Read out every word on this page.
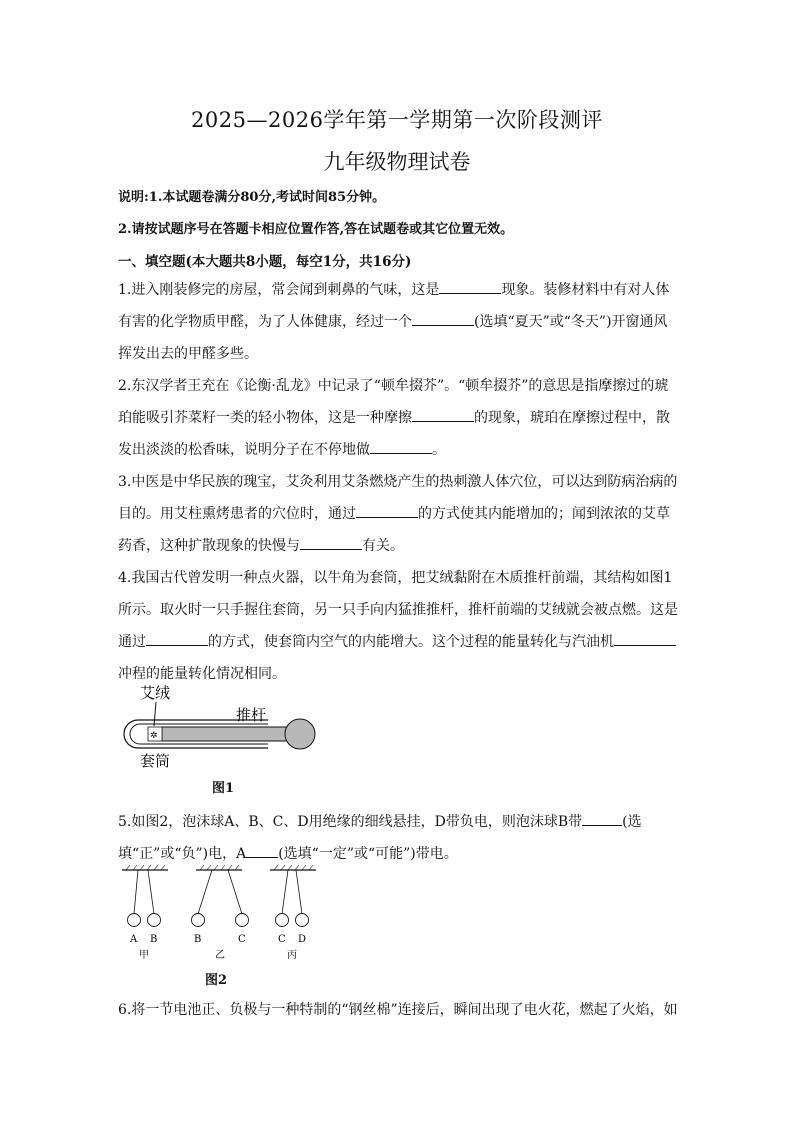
2025—2026学年第一学期第一次阶段测评
九年级物理试卷
说明:1.本试题卷满分80分,考试时间85分钟。
2.请按试题序号在答题卡相应位置作答,答在试题卷或其它位置无效。
一、填空题(本大题共8小题，每空1分，共16分)
1.进入刚装修完的房屋，常会闻到刺鼻的气味，这是	现象。装修材料中有对人体有害的化学物质甲醛，为了人体健康，经过一个	(选填“夏天”或“冬天”)开窗通风挥发出去的甲醛多些。
2.东汉学者王充在《论衡·乱龙》中记录了“顿牟掇芥”。“顿牟掇芥”的意思是指摩擦过的琥珀能吸引芥菜籽一类的轻小物体，这是一种摩擦	的现象，琥珀在摩擦过程中，散发出淡淡的松香味，说明分子在不停地做	。
3.中医是中华民族的瑰宝，艾灸利用艾条燃烧产生的热刺激人体穴位，可以达到防病治病的目的。用艾柱熏烤患者的穴位时，通过	的方式使其内能增加的；闻到浓浓的艾草药香，这种扩散现象的快慢与	有关。
4.我国古代曾发明一种点火器，以牛角为套筒，把艾绒黏附在木质推杆前端，其结构如图1所示。取火时一只手握住套筒，另一只手向内猛推推杆，推杆前端的艾绒就会被点燃。这是通过	的方式，使套筒内空气的内能增大。这个过程的能量转化与汽油机冲程的能量转化情况相同。
艾绒
推杆
✲
套筒
图1
5.如图2，泡沫球A、B、C、D用绝缘的细线悬挂，D带负电，则泡沫球B带	(选填“正”或“负”)电，A (选填“一定”或“可能”)带电。
A B	B	C	C D
甲	乙	丙
图2
6.将一节电池正、负极与一种特制的“钢丝棉”连接后，瞬间出现了电火花，燃起了火焰，如
